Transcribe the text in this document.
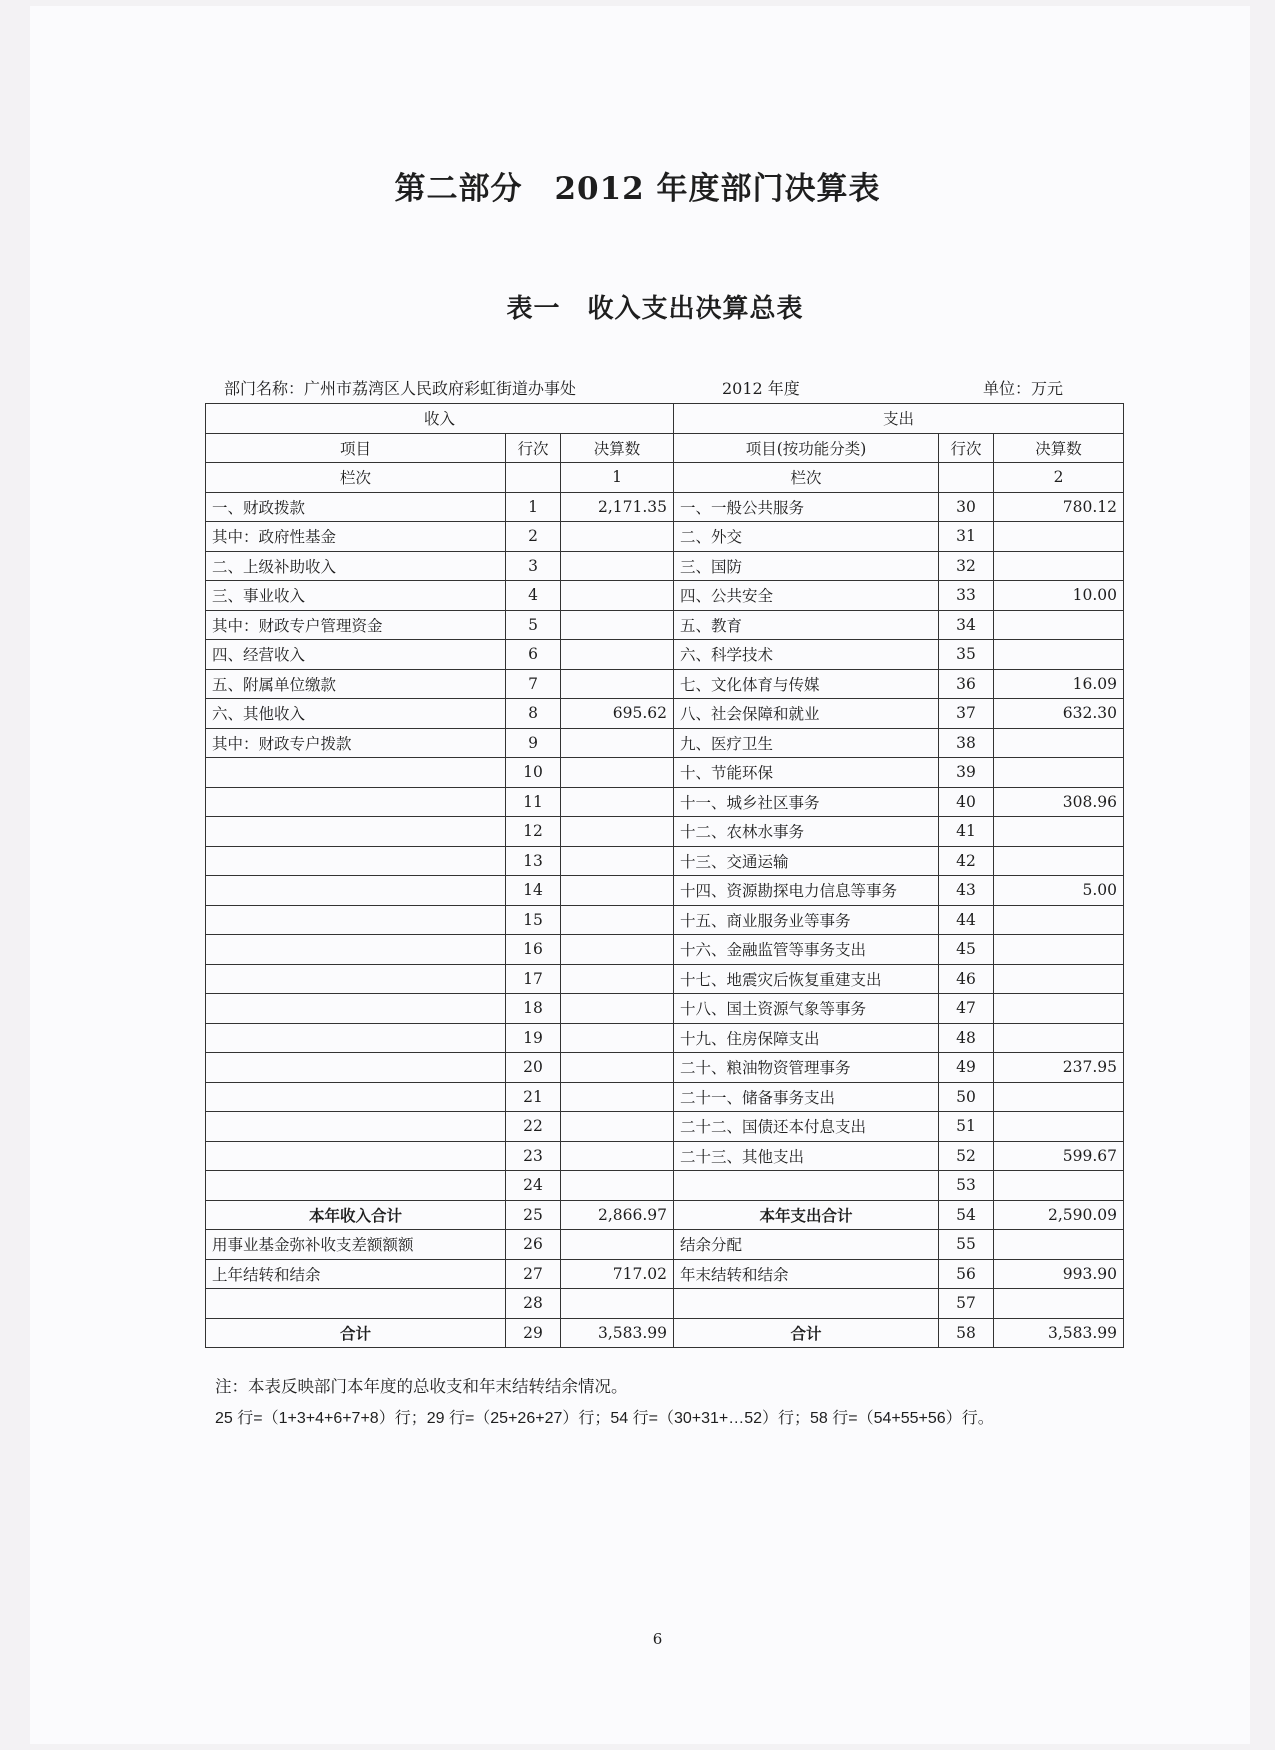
第二部分　2012 年度部门决算表
表一　收入支出决算总表
部门名称：广州市荔湾区人民政府彩虹街道办事处	2012 年度	单位：万元
收入			支出		
项目	行次	决算数	项目(按功能分类)	行次	决算数
栏次		1	栏次		2
一、财政拨款	1	2,171.35	一、一般公共服务	30	780.12
其中：政府性基金	2		二、外交	31	
二、上级补助收入	3		三、国防	32	
三、事业收入	4		四、公共安全	33	10.00
其中：财政专户管理资金	5		五、教育	34	
四、经营收入	6		六、科学技术	35	
五、附属单位缴款	7		七、文化体育与传媒	36	16.09
六、其他收入	8	695.62	八、社会保障和就业	37	632.30
其中：财政专户拨款	9		九、医疗卫生	38	
	10		十、节能环保	39	
	11		十一、城乡社区事务	40	308.96
	12		十二、农林水事务	41	
	13		十三、交通运输	42	
	14		十四、资源勘探电力信息等事务	43	5.00
	15		十五、商业服务业等事务	44	
	16		十六、金融监管等事务支出	45	
	17		十七、地震灾后恢复重建支出	46	
	18		十八、国土资源气象等事务	47	
	19		十九、住房保障支出	48	
	20		二十、粮油物资管理事务	49	237.95
	21		二十一、储备事务支出	50	
	22		二十二、国债还本付息支出	51	
	23		二十三、其他支出	52	599.67
	24			53	
本年收入合计	25	2,866.97	本年支出合计	54	2,590.09
用事业基金弥补收支差额额额	26		结余分配	55	
上年结转和结余	27	717.02	年末结转和结余	56	993.90
	28			57	
合计	29	3,583.99	合计	58	3,583.99
注：本表反映部门本年度的总收支和年末结转结余情况。
25 行=（1+3+4+6+7+8）行；29 行=（25+26+27）行；54 行=（30+31+…52）行；58 行=（54+55+56）行。
6
